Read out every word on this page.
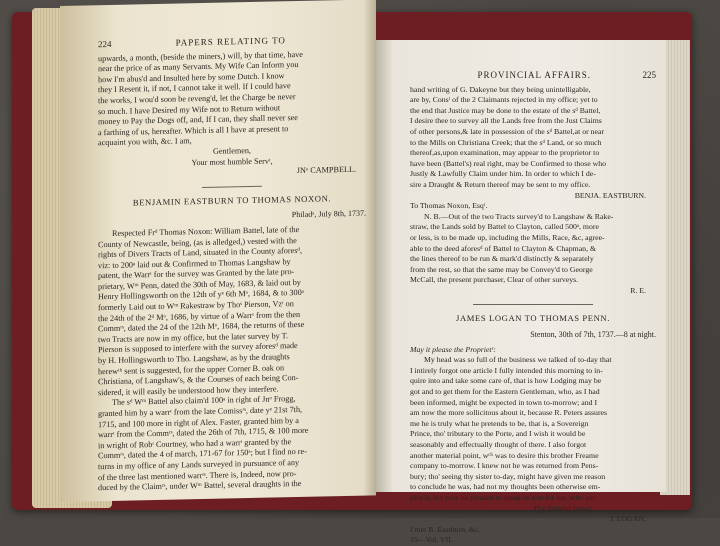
224	PAPERS RELATING TO
upwards, a month, (beside the miners,) will, by that time, have
near the price of as many Servants. My Wife Can Inform you
how I'm abus'd and Insulted here by some Dutch. I know
they I Resent it, if not, I cannot take it well. If I could have
the works, I wou'd soon be reveng'd, let the Charge be never
so much. I have Desired my Wife not to Return without
money to Pay the Dogs off, and, If I can, they shall never see
a farthing of us, hereafter. Which is all I have at present to
acquaint you with, &c. I am,
Gentlemen,
Your most humble Servᵗ,
JNᵒ CAMPBELL.
BENJAMIN EASTBURN TO THOMAS NOXON.
Philadᵃ, July 8th, 1737.
Respected Frᵈ Thomas Noxon: William Battel, late of the
County of Newcastle, being, (as is alledged,) vested with the
rights of Divers Tracts of Land, situated in the County aforesᵈ,
viz: to 200ᵃ laid out & Confirmed to Thomas Langshaw by
patent, the Warrᵗ for the survey was Granted by the late pro-
prietary, Wᵐ Penn, dated the 30th of May, 1683, & laid out by
Henry Hollingsworth on the 12th of yᵉ 6th Mᵒ, 1684, & to 300ᵃ
formerly Laid out to Wᵐ Rakestraw by Thoˢ Pierson, Vzᵗ on
the 24th of the 2ᵈ Mᵒ, 1686, by virtue of a Warrᵗ from the then
Commʳˢ, dated the 24 of the 12th Mᵒ, 1684, the returns of these
two Tracts are now in my office, but the later survey by T.
Pierson is supposed to interfere with the survey aforesᵈ made
by H. Hollingsworth to Tho. Langshaw, as by the draughts
herewᵗʰ sent is suggested, for the upper Corner B. oak on
Christiana, of Langshaw's, & the Courses of each being Con-
sidered, it will easily be understood how they interfere.
The sᵈ Wᵐ Battel also claim'd 100ᵃ in right of Jnᵒ Frogg,
granted him by a warrᵗ from the late Comissʳˢ, date yᵉ 21st 7th,
1715, and 100 more in right of Alex. Faster, granted him by a
warrᵗ from the Commʳˢ, dated the 26th of 7th, 1715, & 100 more
in wright of Robᵗ Courtney, who had a warrᵗ granted by the
Commʳˢ, dated the 4 of march, 171-67 for 150ᵃ; but I find no re-
turns in my office of any Lands surveyed in pursuance of any
of the three last mentioned warrᵗˢ. There is, Indeed, now pro-
duced by the Claimʳˢ, under Wᵐ Battel, several draughts in the
PROVINCIAL AFFAIRS.	225
hand writing of G. Dakeyne but they being unintelligable,
are by, Consᵗ of the 2 Claimants rejected in my office; yet to
the end that Justice may be done to the estate of the sᵈ Battel,
I desire thee to survey all the Lands free from the Just Claims
of other persons,& late in possession of the sᵈ Battel,at or near
to the Mills on Christiana Creek; that the sᵈ Land, or so much
thereof,as,upon examination, may appear to the proprietor to
have been (Battel's) real right, may be Confirmed to those who
Justly & Lawfully Claim under him. In order to which I de-
sire a Draught & Return thereof may be sent to my office.
BENJA. EASTBURN.
To Thomas Noxon, Esqʳ.
N. B.—Out of the two Tracts survey'd to Langshaw & Rake-
straw, the Lands sold by Battel to Clayton, called 500ᵃ, more
or less, is to be made up, including the Mills, Race, &c, agree-
able to the deed aforesᵈ of Battel to Clayton & Chapman, &
the lines thereof to be run & mark'd distinctly & separately
from the rest, so that the same may be Convey'd to George
McCall, the present purchaser, Clear of other surveys.
R. E.
JAMES LOGAN TO THOMAS PENN.
Stenton, 30th of 7th, 1737.—8 at night.
May it please the Proprietʳ:
My head was so full of the business we talked of to-day that
I intirely forgot one article I fully intended this morning to in-
quire into and take some care of, that is how Lodging may be
got and to get them for the Eastern Gentleman, who, as I had
been informed, might be expected in town to-morrow; and I
am now the more sollicitous about it, because R. Peters assures
me he is truly what he pretends to be, that is, a Sovereign
Prince, tho' tributary to the Porte, and I wish it would be
seasonably and effectually thought of there. I also forgot
another material point, wᶜʰ was to desire this brother Freame
company to-morrow. I knew not he was returned from Pens-
bury; tho' seeing thy sister to-day, might have given me reason
to conclude he was, had not my thoughts been otherwise em-
ploy'd, but pray be pleased to speak to him for me, who am,
Thy faithful friend,
J. LOGAN.
I met B. Eastburn, &c.
15—Vol. VII.
